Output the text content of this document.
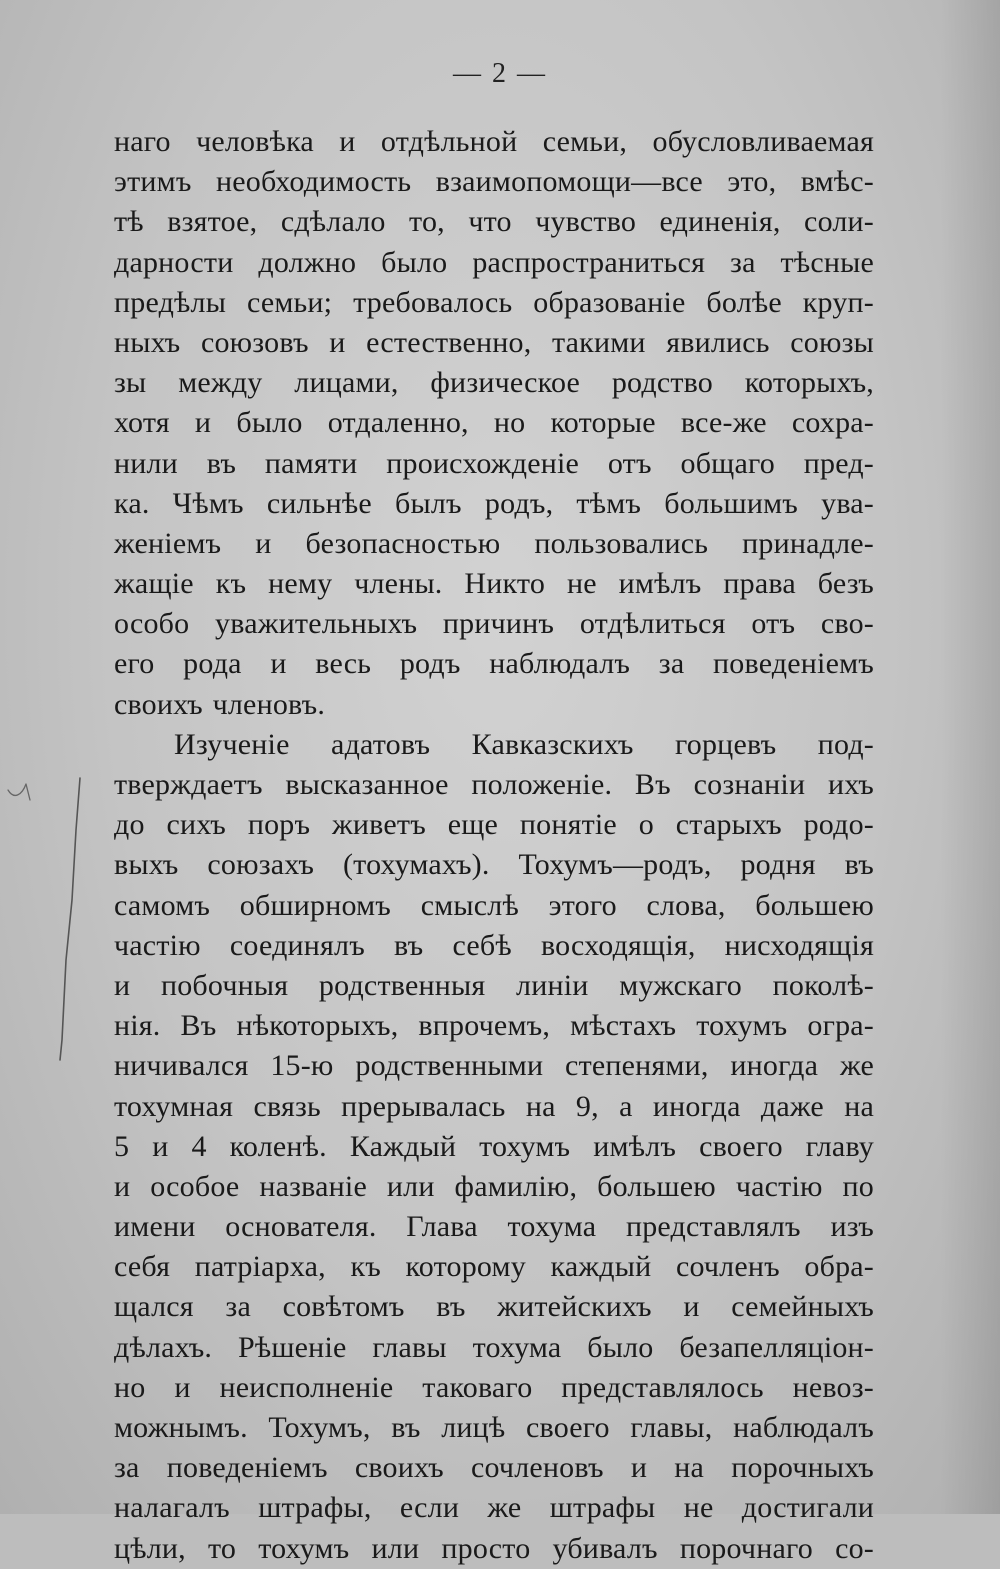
— 2 —
наго человѣка и отдѣльной семьи, обусловливаемая
этимъ необходимость взаимопомощи—все это, вмѣс-
тѣ взятое, сдѣлало то, что чувство единенія, соли-
дарности должно было распространиться за тѣсные
предѣлы семьи; требовалось образованіе болѣе круп-
ныхъ союзовъ и естественно, такими явились союзы
зы между лицами, физическое родство которыхъ,
хотя и было отдаленно, но которые все-же сохра-
нили въ памяти происхожденіе отъ общаго пред-
ка. Чѣмъ сильнѣе былъ родъ, тѣмъ большимъ ува-
женіемъ и безопасностью пользовались принадле-
жащіе къ нему члены. Никто не имѣлъ права безъ
особо уважительныхъ причинъ отдѣлиться отъ сво-
его рода и весь родъ наблюдалъ за поведеніемъ
своихъ членовъ.
Изученіе адатовъ Кавказскихъ горцевъ под-
тверждаетъ высказанное положеніе. Въ сознаніи ихъ
до сихъ поръ живетъ еще понятіе о старыхъ родо-
выхъ союзахъ (тохумахъ). Тохумъ—родъ, родня въ
самомъ обширномъ смыслѣ этого слова, большею
частію соединялъ въ себѣ восходящія, нисходящія
и побочныя родственныя линіи мужскаго поколѣ-
нія. Въ нѣкоторыхъ, впрочемъ, мѣстахъ тохумъ огра-
ничивался 15-ю родственными степенями, иногда же
тохумная связь прерывалась на 9, а иногда даже на
5 и 4 коленѣ. Каждый тохумъ имѣлъ своего главу
и особое названіе или фамилію, большею частію по
имени основателя. Глава тохума представлялъ изъ
себя патріарха, къ которому каждый сочленъ обра-
щался за совѣтомъ въ житейскихъ и семейныхъ
дѣлахъ. Рѣшеніе главы тохума было безапелляціон-
но и неисполненіе таковаго представлялось невоз-
можнымъ. Тохумъ, въ лицѣ своего главы, наблюдалъ
за поведеніемъ своихъ сочленовъ и на порочныхъ
налагалъ штрафы, если же штрафы не достигали
цѣли, то тохумъ или просто убивалъ порочнаго со-
